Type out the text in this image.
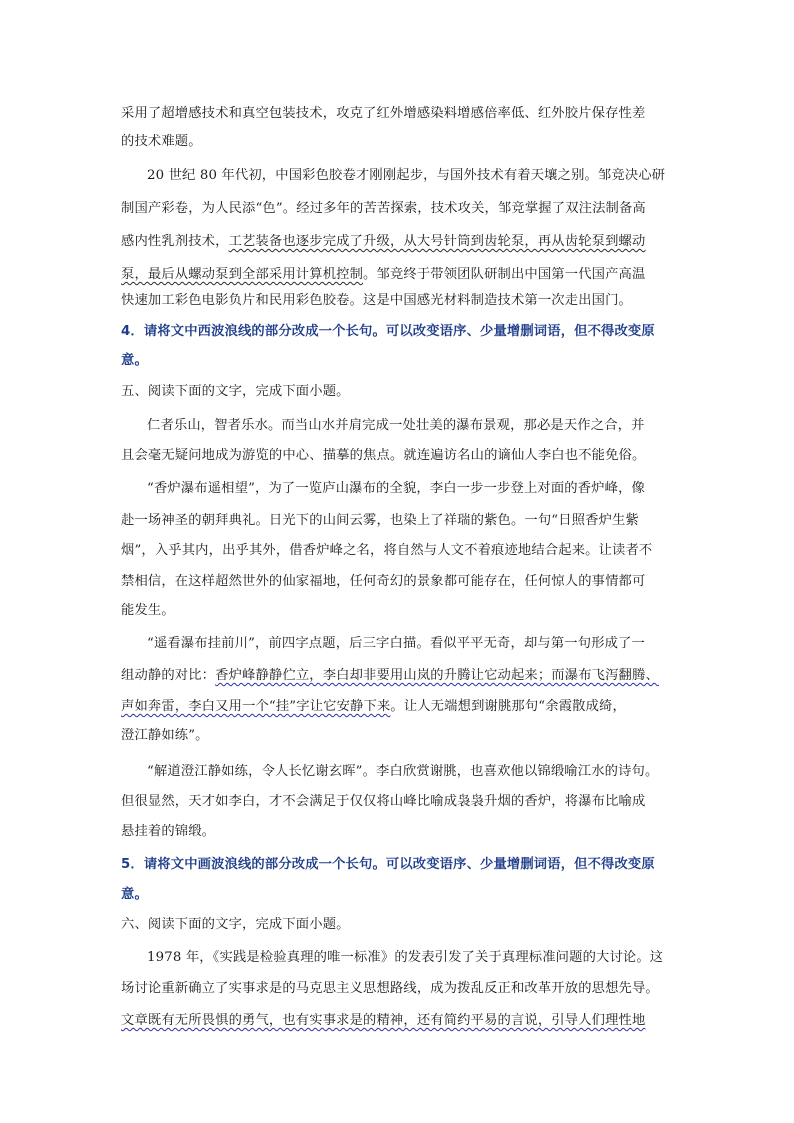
采用了超增感技术和真空包装技术，攻克了红外增感染料增感倍率低、红外胶片保存性差
的技术难题。
20 世纪 80 年代初，中国彩色胶卷才刚刚起步，与国外技术有着天壤之别。邹竞决心研
制国产彩卷，为人民添“色”。经过多年的苦苦探索，技术攻关，邹竞掌握了双注法制备高
感内性乳剂技术，工艺装备也逐步完成了升级，从大号针筒到齿轮泵，再从齿轮泵到螺动
泵，最后从螺动泵到全部采用计算机控制。邹竞终于带领团队研制出中国第一代国产高温
快速加工彩色电影负片和民用彩色胶卷。这是中国感光材料制造技术第一次走出国门。
4．请将文中西波浪线的部分改成一个长句。可以改变语序、少量增删词语，但不得改变原
意。
五、阅读下面的文字，完成下面小题。
仁者乐山，智者乐水。而当山水并肩完成一处壮美的瀑布景观，那必是天作之合，并
且会毫无疑问地成为游览的中心、描摹的焦点。就连遍访名山的谪仙人李白也不能免俗。
“香炉瀑布遥相望”，为了一览庐山瀑布的全貌，李白一步一步登上对面的香炉峰，像
赴一场神圣的朝拜典礼。日光下的山间云雾，也染上了祥瑞的紫色。一句“日照香炉生紫
烟”，入乎其内，出乎其外，借香炉峰之名，将自然与人文不着痕迹地结合起来。让读者不
禁相信，在这样超然世外的仙家福地，任何奇幻的景象都可能存在，任何惊人的事情都可
能发生。
“遥看瀑布挂前川”，前四字点题，后三字白描。看似平平无奇，却与第一句形成了一
组动静的对比：香炉峰静静伫立，李白却非要用山岚的升腾让它动起来；而瀑布飞泻翻腾、
声如奔雷，李白又用一个“挂”字让它安静下来。让人无端想到谢朓那句“余霞散成绮，
澄江静如练”。
“解道澄江静如练，令人长忆谢玄晖”。李白欣赏谢朓，也喜欢他以锦缎喻江水的诗句。
但很显然，天才如李白，才不会满足于仅仅将山峰比喻成袅袅升烟的香炉，将瀑布比喻成
悬挂着的锦缎。
5．请将文中画波浪线的部分改成一个长句。可以改变语序、少量增删词语，但不得改变原
意。
六、阅读下面的文字，完成下面小题。
1978 年，《实践是检验真理的唯一标准》的发表引发了关于真理标准问题的大讨论。这
场讨论重新确立了实事求是的马克思主义思想路线，成为拨乱反正和改革开放的思想先导。
文章既有无所畏惧的勇气，也有实事求是的精神，还有简约平易的言说，引导人们理性地
